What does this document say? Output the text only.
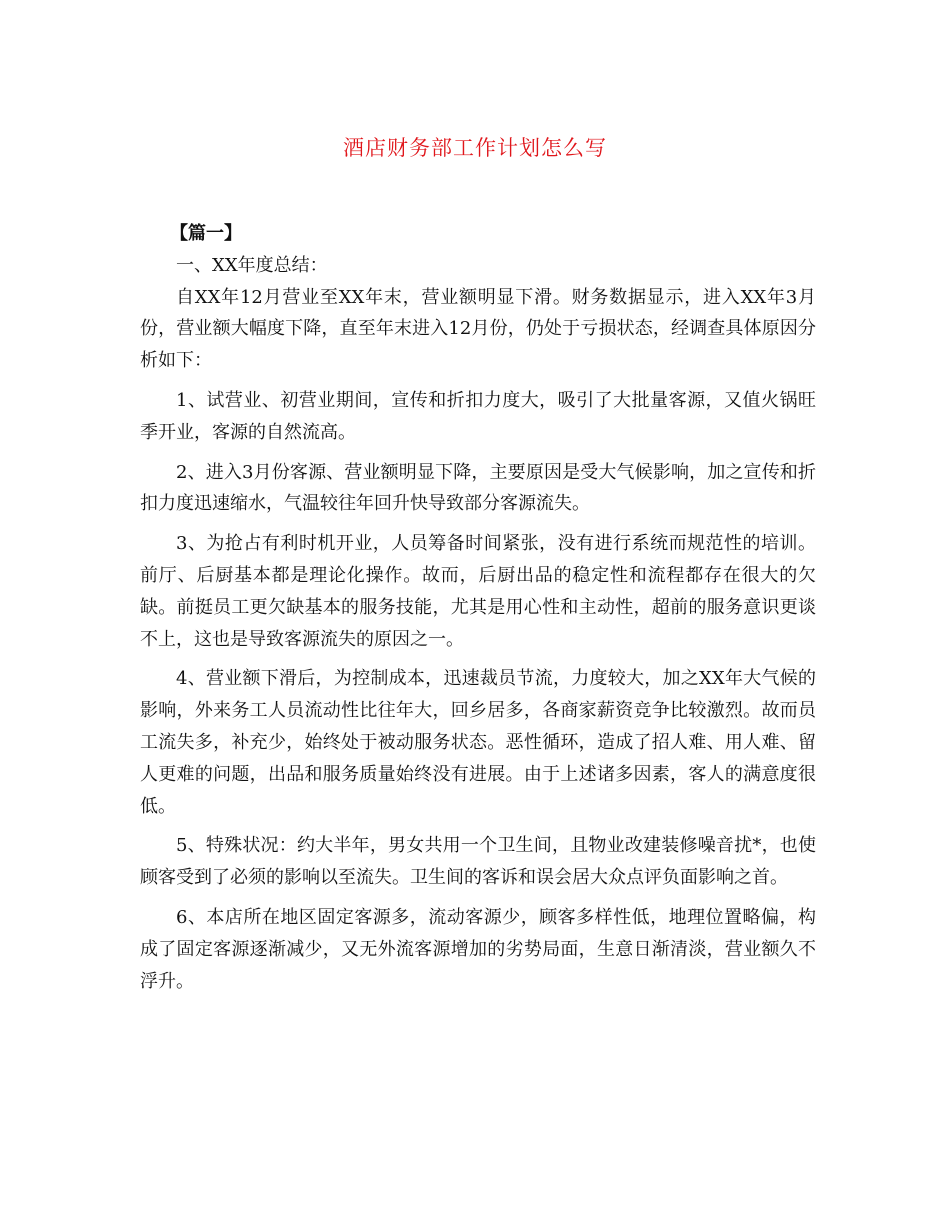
酒店财务部工作计划怎么写

【篇一】

一、XX年度总结：

自XX年12月营业至XX年末，营业额明显下滑。财务数据显示，进入XX年3月份，营业额大幅度下降，直至年末进入12月份，仍处于亏损状态，经调查具体原因分析如下：

1、试营业、初营业期间，宣传和折扣力度大，吸引了大批量客源，又值火锅旺季开业，客源的自然流高。

2、进入3月份客源、营业额明显下降，主要原因是受大气候影响，加之宣传和折扣力度迅速缩水，气温较往年回升快导致部分客源流失。

3、为抢占有利时机开业，人员筹备时间紧张，没有进行系统而规范性的培训。前厅、后厨基本都是理论化操作。故而，后厨出品的稳定性和流程都存在很大的欠缺。前挺员工更欠缺基本的服务技能，尤其是用心性和主动性，超前的服务意识更谈不上，这也是导致客源流失的原因之一。

4、营业额下滑后，为控制成本，迅速裁员节流，力度较大，加之XX年大气候的影响，外来务工人员流动性比往年大，回乡居多，各商家薪资竞争比较激烈。故而员工流失多，补充少，始终处于被动服务状态。恶性循环，造成了招人难、用人难、留人更难的问题，出品和服务质量始终没有进展。由于上述诸多因素，客人的满意度很低。

5、特殊状况：约大半年，男女共用一个卫生间，且物业改建装修噪音扰*，也使顾客受到了必须的影响以至流失。卫生间的客诉和误会居大众点评负面影响之首。

6、本店所在地区固定客源多，流动客源少，顾客多样性低，地理位置略偏，构成了固定客源逐渐减少，又无外流客源增加的劣势局面，生意日渐清淡，营业额久不浮升。
